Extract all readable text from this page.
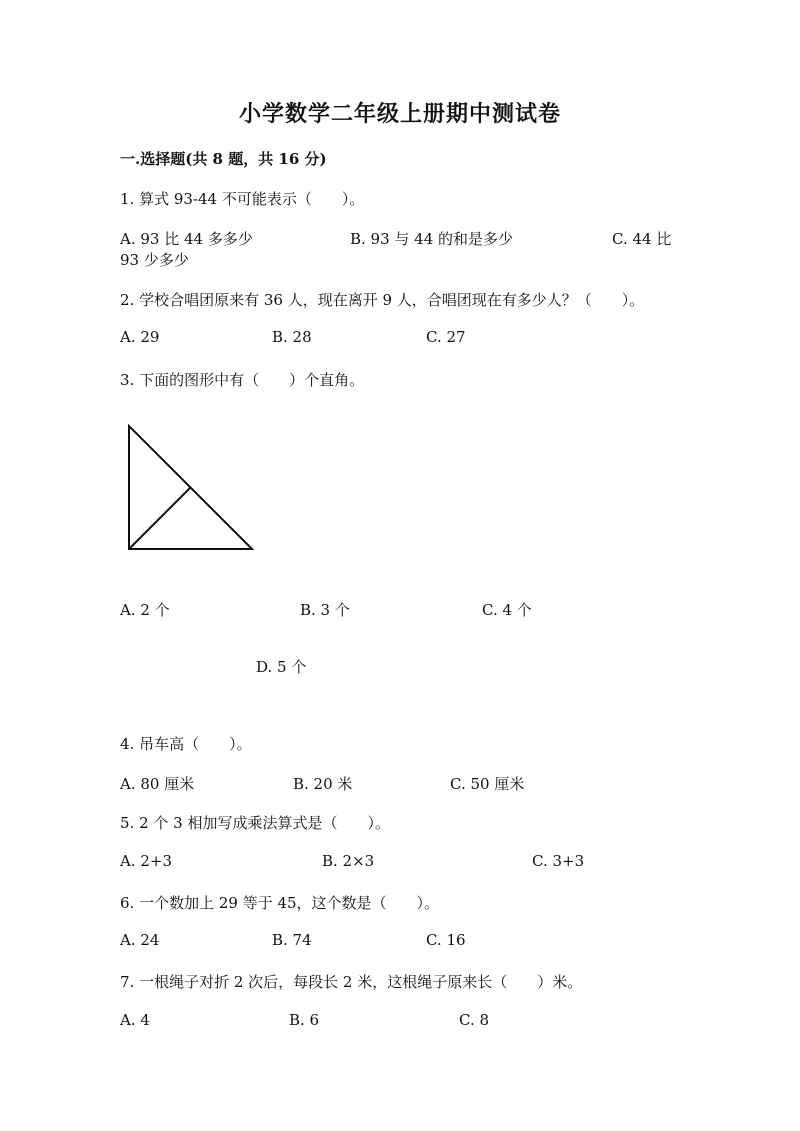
小学数学二年级上册期中测试卷
一.选择题(共 8 题，共 16 分)
1. 算式 93-44 不可能表示（　　）。
A. 93 比 44 多多少	B. 93 与 44 的和是多少	C. 44 比
93 少多少
2. 学校合唱团原来有 36 人，现在离开 9 人，合唱团现在有多少人？（　　）。
A. 29	B. 28	C. 27
3. 下面的图形中有（　　）个直角。
A. 2 个	B. 3 个	C. 4 个
D. 5 个
4. 吊车高（　　）。
A. 80 厘米	B. 20 米	C. 50 厘米
5. 2 个 3 相加写成乘法算式是（　　）。
A. 2+3	B. 2×3	C. 3+3
6. 一个数加上 29 等于 45，这个数是（　　）。
A. 24	B. 74	C. 16
7. 一根绳子对折 2 次后，每段长 2 米，这根绳子原来长（　　）米。
A. 4	B. 6	C. 8
